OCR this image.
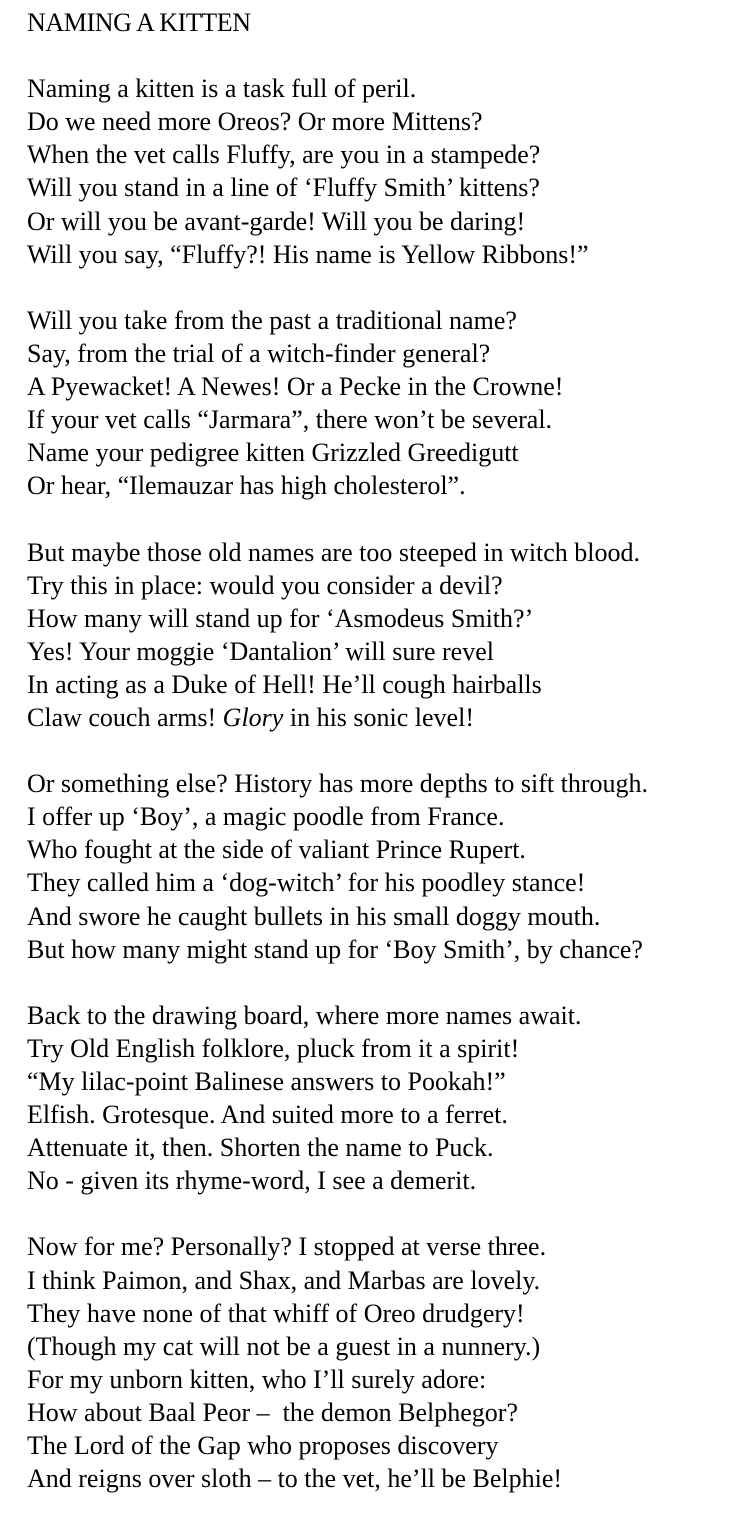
NAMING A KITTEN
Naming a kitten is a task full of peril.
Do we need more Oreos? Or more Mittens?
When the vet calls Fluffy, are you in a stampede?
Will you stand in a line of ‘Fluffy Smith’ kittens?
Or will you be avant-garde! Will you be daring!
Will you say, “Fluffy?! His name is Yellow Ribbons!”
Will you take from the past a traditional name?
Say, from the trial of a witch-finder general?
A Pyewacket! A Newes! Or a Pecke in the Crowne!
If your vet calls “Jarmara”, there won’t be several.
Name your pedigree kitten Grizzled Greedigutt
Or hear, “Ilemauzar has high cholesterol”.
But maybe those old names are too steeped in witch blood.
Try this in place: would you consider a devil?
How many will stand up for ‘Asmodeus Smith?’
Yes! Your moggie ‘Dantalion’ will sure revel
In acting as a Duke of Hell! He’ll cough hairballs
Claw couch arms! Glory in his sonic level!
Or something else? History has more depths to sift through.
I offer up ‘Boy’, a magic poodle from France.
Who fought at the side of valiant Prince Rupert.
They called him a ‘dog-witch’ for his poodley stance!
And swore he caught bullets in his small doggy mouth.
But how many might stand up for ‘Boy Smith’, by chance?
Back to the drawing board, where more names await.
Try Old English folklore, pluck from it a spirit!
“My lilac-point Balinese answers to Pookah!”
Elfish. Grotesque. And suited more to a ferret.
Attenuate it, then. Shorten the name to Puck.
No - given its rhyme-word, I see a demerit.
Now for me? Personally? I stopped at verse three.
I think Paimon, and Shax, and Marbas are lovely.
They have none of that whiff of Oreo drudgery!
(Though my cat will not be a guest in a nunnery.)
For my unborn kitten, who I’ll surely adore:
How about Baal Peor –  the demon Belphegor?
The Lord of the Gap who proposes discovery
And reigns over sloth – to the vet, he’ll be Belphie!
